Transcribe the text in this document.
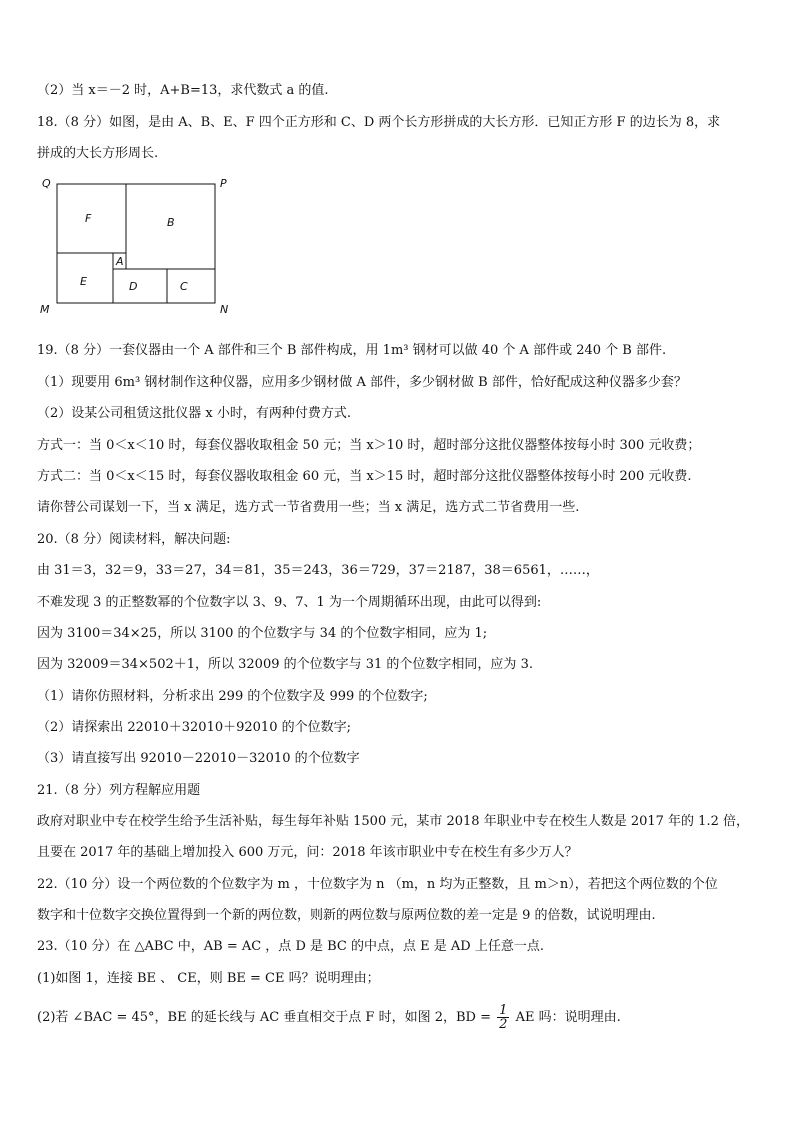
（2）当 x＝－2 时，A+B=13，求代数式 a 的值.
18.（8 分）如图，是由 A、B、E、F 四个正方形和 C、D 两个长方形拼成的大长方形．已知正方形 F 的边长为 8，求
拼成的大长方形周长.
Q	P
M	N
F	B
A
E	D	C
19.（8 分）一套仪器由一个 A 部件和三个 B 部件构成，用 1m³ 钢材可以做 40 个 A 部件或 240 个 B 部件.
（1）现要用 6m³ 钢材制作这种仪器，应用多少钢材做 A 部件，多少钢材做 B 部件，恰好配成这种仪器多少套？
（2）设某公司租赁这批仪器 x 小时，有两种付费方式.
方式一：当 0＜x＜10 时，每套仪器收取租金 50 元；当 x＞10 时，超时部分这批仪器整体按每小时 300 元收费；
方式二：当 0＜x＜15 时，每套仪器收取租金 60 元，当 x＞15 时，超时部分这批仪器整体按每小时 200 元收费.
请你替公司谋划一下，当 x 满足，选方式一节省费用一些；当 x 满足，选方式二节省费用一些.
20.（8 分）阅读材料，解决问题:
由 31＝3，32＝9，33＝27，34＝81，35＝243，36＝729，37＝2187，38＝6561，……，
不难发现 3 的正整数幂的个位数字以 3、9、7、1 为一个周期循环出现，由此可以得到:
因为 3100＝34×25，所以 3100 的个位数字与 34 的个位数字相同，应为 1;
因为 32009＝34×502＋1，所以 32009 的个位数字与 31 的个位数字相同，应为 3.
（1）请你仿照材料，分析求出 299 的个位数字及 999 的个位数字;
（2）请探索出 22010＋32010＋92010 的个位数字;
（3）请直接写出 92010－22010－32010 的个位数字
21.（8 分）列方程解应用题
政府对职业中专在校学生给予生活补贴，每生每年补贴 1500 元，某市 2018 年职业中专在校生人数是 2017 年的 1.2 倍，
且要在 2017 年的基础上增加投入 600 万元，问：2018 年该市职业中专在校生有多少万人？
22.（10 分）设一个两位数的个位数字为 m ，十位数字为 n （m，n 均为正整数，且 m＞n），若把这个两位数的个位
数字和十位数字交换位置得到一个新的两位数，则新的两位数与原两位数的差一定是 9 的倍数，试说明理由.
23.（10 分）在 △ABC 中，AB = AC ，点 D 是 BC 的中点，点 E 是 AD 上任意一点.
(1)如图 1，连接 BE 、 CE，则 BE = CE 吗？说明理由；
(2)若 ∠BAC = 45°，BE 的延长线与 AC 垂直相交于点 F 时，如图 2，BD = $\frac{1}{2}$ AE 吗：说明理由.
